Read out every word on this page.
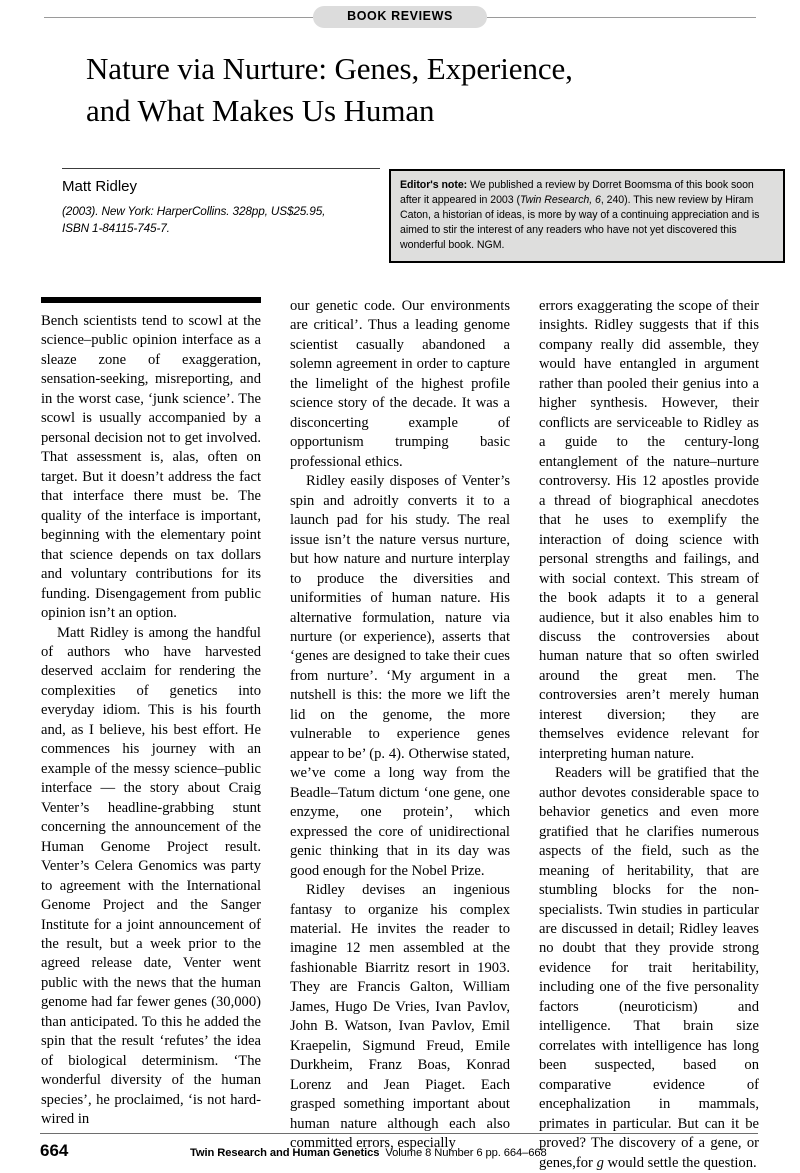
BOOK REVIEWS
Nature via Nurture: Genes, Experience,
and What Makes Us Human
Matt Ridley
(2003). New York: HarperCollins. 328pp, US$25.95,
ISBN 1-84115-745-7.
Editor's note: We published a review by Dorret Boomsma of this book soon after it appeared in 2003 (Twin Research, 6, 240). This new review by Hiram Caton, a historian of ideas, is more by way of a continuing appreciation and is aimed to stir the interest of any readers who have not yet discovered this wonderful book. NGM.

Bench scientists tend to scowl at the science–public opinion interface as a sleaze zone of exaggeration, sensation-seeking, misreporting, and in the worst case, ‘junk science’. The scowl is usually accompanied by a personal decision not to get involved. That assessment is, alas, often on target. But it doesn’t address the fact that interface there must be. The quality of the interface is important, beginning with the elementary point that science depends on tax dollars and voluntary contributions for its funding. Disengagement from public opinion isn’t an option.

Matt Ridley is among the handful of authors who have harvested deserved acclaim for rendering the complexities of genetics into everyday idiom. This is his fourth and, as I believe, his best effort. He commences his journey with an example of the messy science–public interface — the story about Craig Venter’s headline-grabbing stunt concerning the announcement of the Human Genome Project result. Venter’s Celera Genomics was party to agreement with the International Genome Project and the Sanger Institute for a joint announcement of the result, but a week prior to the agreed release date, Venter went public with the news that the human genome had far fewer genes (30,000) than anticipated. To this he added the spin that the result ‘refutes’ the idea of biological determinism. ‘The wonderful diversity of the human species’, he proclaimed, ‘is not hard-wired in

our genetic code. Our environments are critical’. Thus a leading genome scientist casually abandoned a solemn agreement in order to capture the limelight of the highest profile science story of the decade. It was a disconcerting example of opportunism trumping basic professional ethics.

Ridley easily disposes of Venter’s spin and adroitly converts it to a launch pad for his study. The real issue isn’t the nature versus nurture, but how nature and nurture interplay to produce the diversities and uniformities of human nature. His alternative formulation, nature via nurture (or experience), asserts that ‘genes are designed to take their cues from nurture’. ‘My argument in a nutshell is this: the more we lift the lid on the genome, the more vulnerable to experience genes appear to be’ (p. 4). Otherwise stated, we’ve come a long way from the Beadle–Tatum dictum ‘one gene, one enzyme, one protein’, which expressed the core of unidirectional genic thinking that in its day was good enough for the Nobel Prize.

Ridley devises an ingenious fantasy to organize his complex material. He invites the reader to imagine 12 men assembled at the fashionable Biarritz resort in 1903. They are Francis Galton, William James, Hugo De Vries, Ivan Pavlov, John B. Watson, Ivan Pavlov, Emil Kraepelin, Sigmund Freud, Emile Durkheim, Franz Boas, Konrad Lorenz and Jean Piaget. Each grasped something important about human nature although each also committed errors, especially

errors exaggerating the scope of their insights. Ridley suggests that if this company really did assemble, they would have entangled in argument rather than pooled their genius into a higher synthesis. However, their conflicts are serviceable to Ridley as a guide to the century-long entanglement of the nature–nurture controversy. His 12 apostles provide a thread of biographical anecdotes that he uses to exemplify the interaction of doing science with personal strengths and failings, and with social context. This stream of the book adapts it to a general audience, but it also enables him to discuss the controversies about human nature that so often swirled around the great men. The controversies aren’t merely human interest diversion; they are themselves evidence relevant for interpreting human nature.

Readers will be gratified that the author devotes considerable space to behavior genetics and even more gratified that he clarifies numerous aspects of the field, such as the meaning of heritability, that are stumbling blocks for the non-specialists. Twin studies in particular are discussed in detail; Ridley leaves no doubt that they provide strong evidence for trait heritability, including one of the five personality factors (neuroticism) and intelligence. That brain size correlates with intelligence has long been suspected, based on comparative evidence of encephalization in mammals, primates in particular. But can it be proved? The discovery of a gene, or genes,for g would settle the question.

664	Twin Research and Human Genetics Volume 8 Number 6 pp. 664–668
